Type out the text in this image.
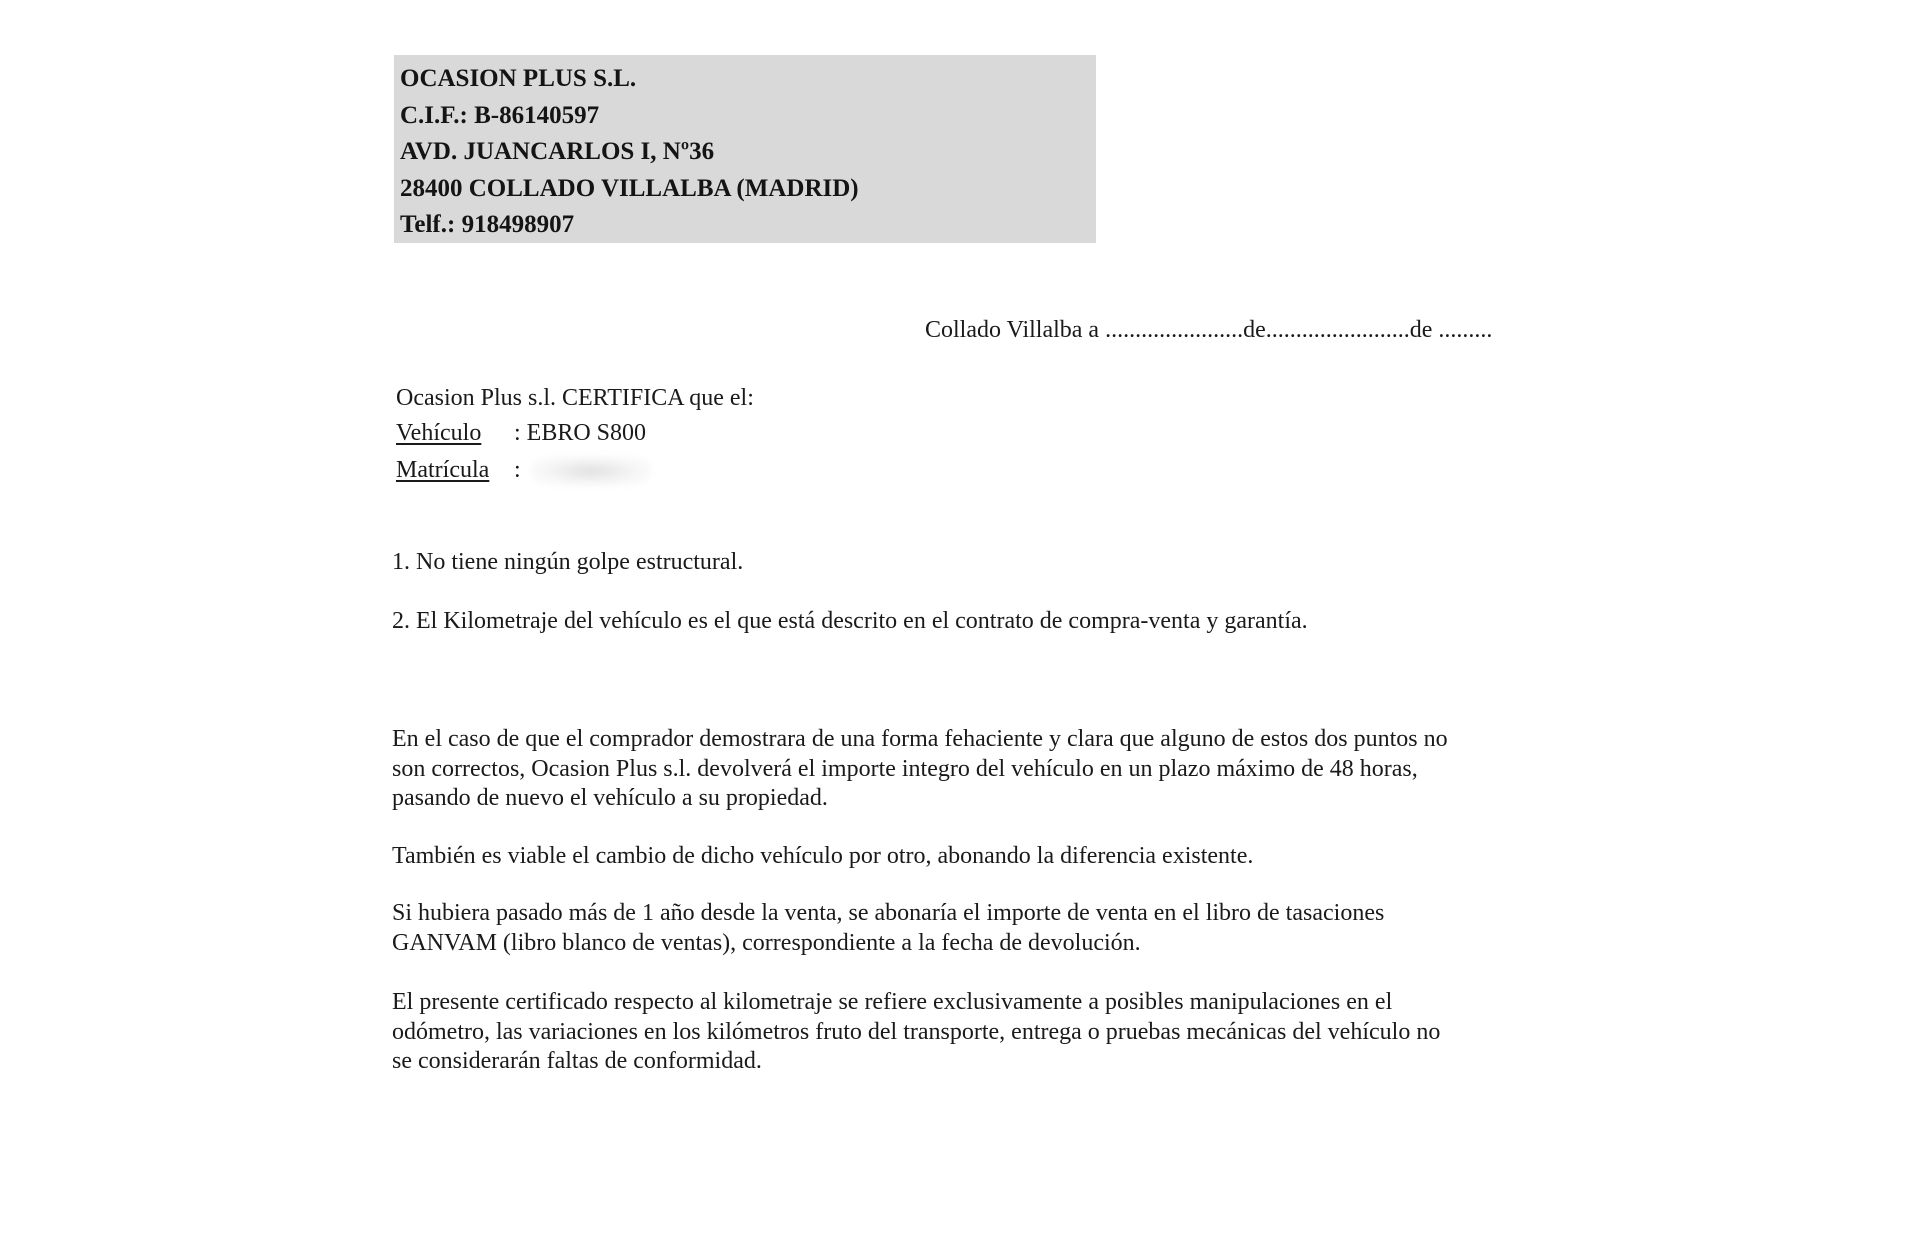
OCASION PLUS S.L.
C.I.F.: B-86140597
AVD. JUANCARLOS I, Nº36
28400 COLLADO VILLALBA (MADRID)
Telf.: 918498907
Collado Villalba a .......................de........................de .........
Ocasion Plus s.l. CERTIFICA que el:
Vehículo : EBRO S800
Matrícula :
1. No tiene ningún golpe estructural.
2. El Kilometraje del vehículo es el que está descrito en el contrato de compra-venta y garantía.
En el caso de que el comprador demostrara de una forma fehaciente y clara que alguno de estos dos puntos no
son correctos, Ocasion Plus s.l. devolverá el importe integro del vehículo en un plazo máximo de 48 horas,
pasando de nuevo el vehículo a su propiedad.
También es viable el cambio de dicho vehículo por otro, abonando la diferencia existente.
Si hubiera pasado más de 1 año desde la venta, se abonaría el importe de venta en el libro de tasaciones
GANVAM (libro blanco de ventas), correspondiente a la fecha de devolución.
El presente certificado respecto al kilometraje se refiere exclusivamente a posibles manipulaciones en el
odómetro, las variaciones en los kilómetros fruto del transporte, entrega o pruebas mecánicas del vehículo no
se considerarán faltas de conformidad.
